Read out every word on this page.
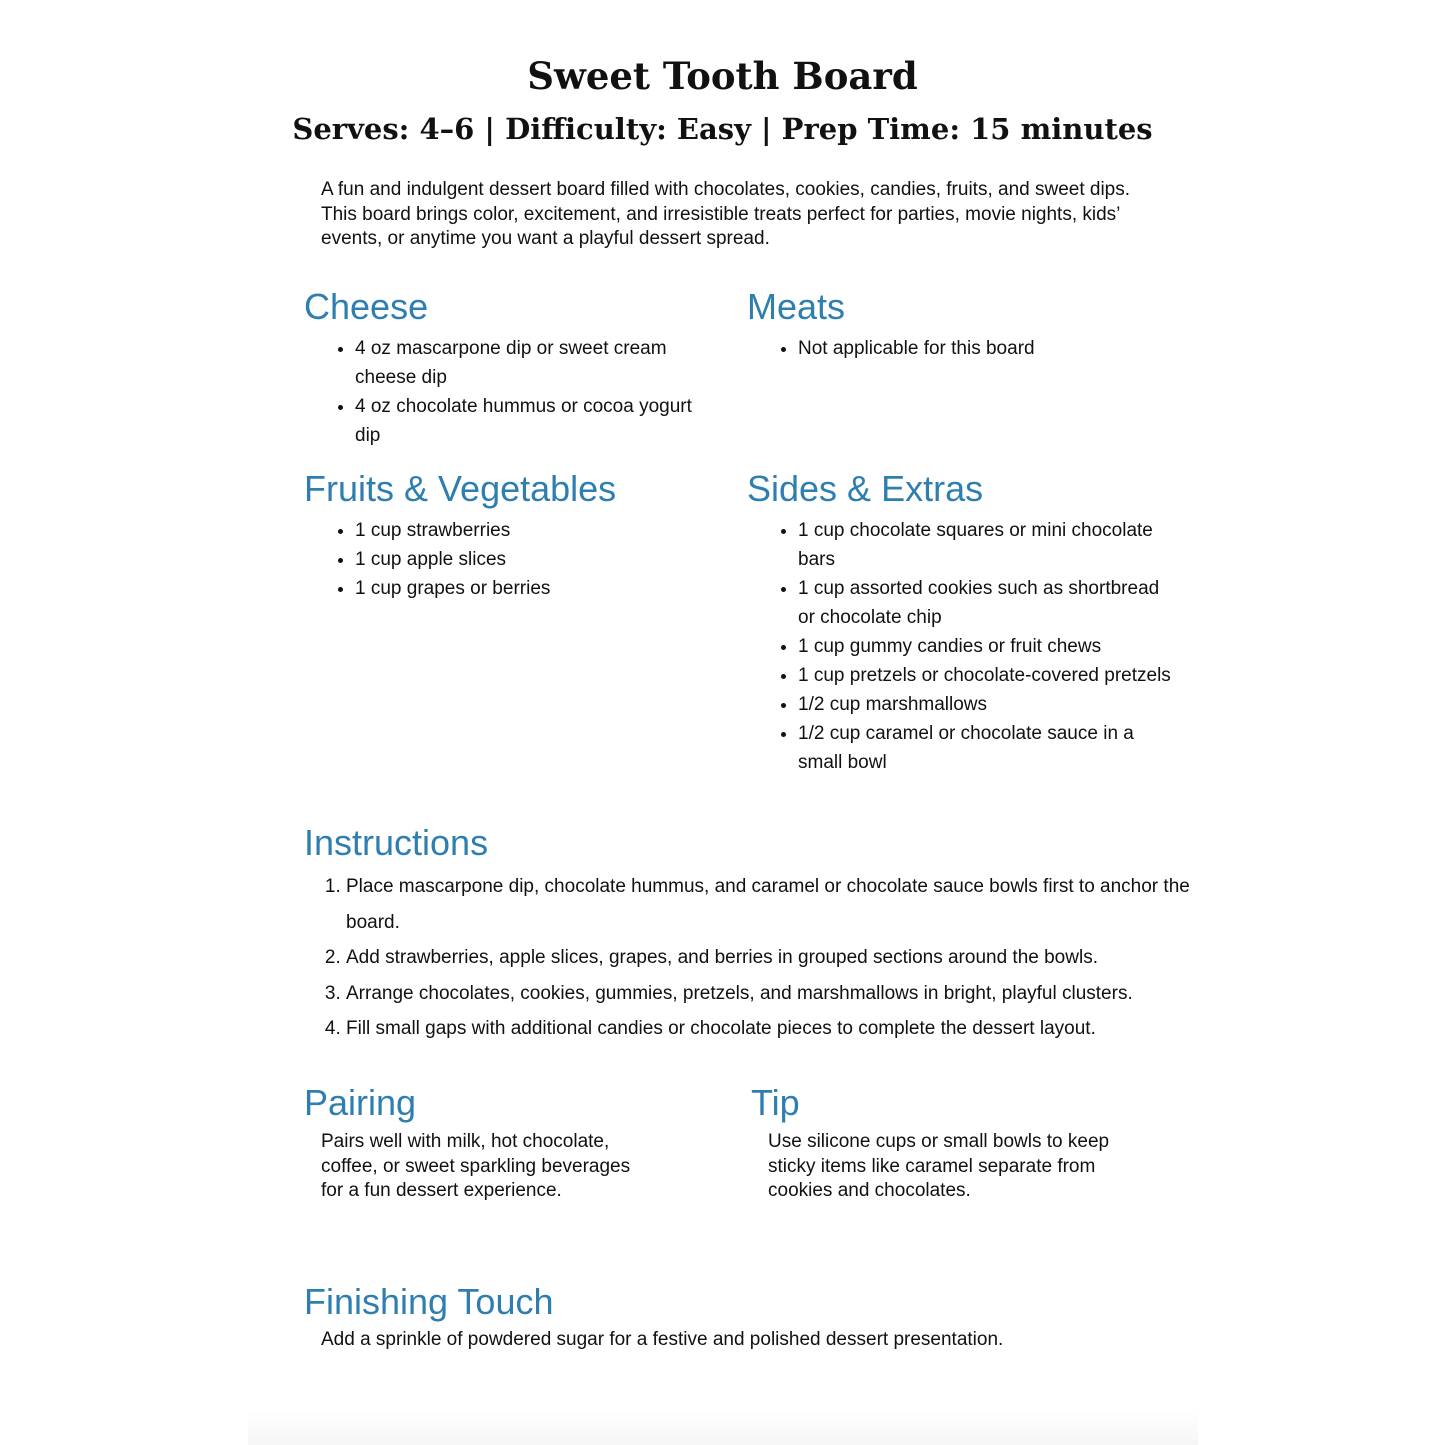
Sweet Tooth Board
Serves: 4–6 | Difficulty: Easy | Prep Time: 15 minutes

A fun and indulgent dessert board filled with chocolates, cookies, candies, fruits, and sweet dips. This board brings color, excitement, and irresistible treats perfect for parties, movie nights, kids’ events, or anytime you want a playful dessert spread.

Cheese
• 4 oz mascarpone dip or sweet cream cheese dip
• 4 oz chocolate hummus or cocoa yogurt dip
Meats
• Not applicable for this board
Fruits & Vegetables
• 1 cup strawberries
• 1 cup apple slices
• 1 cup grapes or berries
Sides & Extras
• 1 cup chocolate squares or mini chocolate bars
• 1 cup assorted cookies such as shortbread or chocolate chip
• 1 cup gummy candies or fruit chews
• 1 cup pretzels or chocolate-covered pretzels
• 1/2 cup marshmallows
• 1/2 cup caramel or chocolate sauce in a small bowl
Instructions
1. Place mascarpone dip, chocolate hummus, and caramel or chocolate sauce bowls first to anchor the board.
2. Add strawberries, apple slices, grapes, and berries in grouped sections around the bowls.
3. Arrange chocolates, cookies, gummies, pretzels, and marshmallows in bright, playful clusters.
4. Fill small gaps with additional candies or chocolate pieces to complete the dessert layout.
Pairing

Pairs well with milk, hot chocolate, coffee, or sweet sparkling beverages for a fun dessert experience.

Tip

Use silicone cups or small bowls to keep sticky items like caramel separate from cookies and chocolates.

Finishing Touch

Add a sprinkle of powdered sugar for a festive and polished dessert presentation.
